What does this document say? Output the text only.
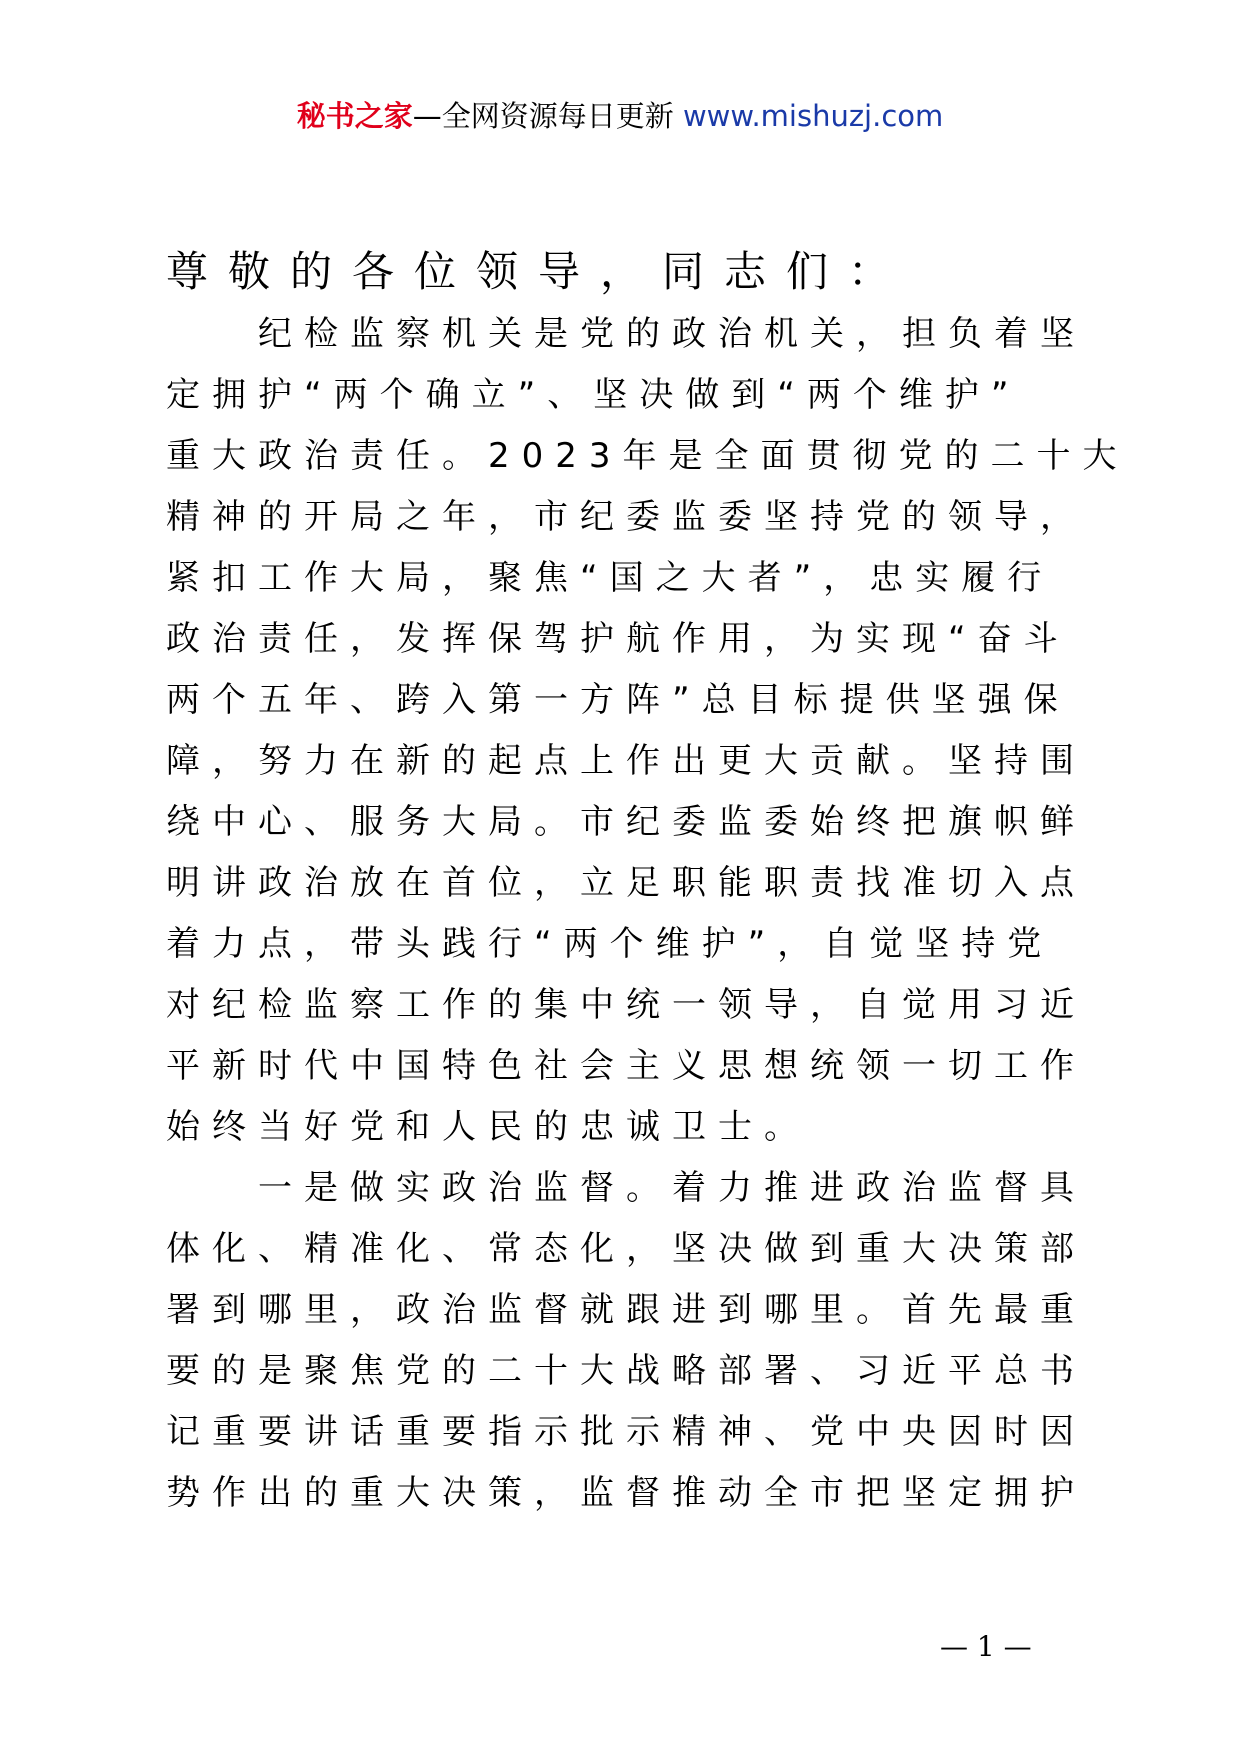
秘书之家—全网资源每日更新 www.mishuzj.com
尊敬的各位领导，同志们：
　　纪检监察机关是党的政治机关，担负着坚
定拥护“两个确立”、坚决做到“两个维护”
重大政治责任。2023年是全面贯彻党的二十大
精神的开局之年，市纪委监委坚持党的领导，
紧扣工作大局，聚焦“国之大者”，忠实履行
政治责任，发挥保驾护航作用，为实现“奋斗
两个五年、跨入第一方阵”总目标提供坚强保
障，努力在新的起点上作出更大贡献。坚持围
绕中心、服务大局。市纪委监委始终把旗帜鲜
明讲政治放在首位，立足职能职责找准切入点
着力点，带头践行“两个维护”，自觉坚持党
对纪检监察工作的集中统一领导，自觉用习近
平新时代中国特色社会主义思想统领一切工作
始终当好党和人民的忠诚卫士。
　　一是做实政治监督。着力推进政治监督具
体化、精准化、常态化，坚决做到重大决策部
署到哪里，政治监督就跟进到哪里。首先最重
要的是聚焦党的二十大战略部署、习近平总书
记重要讲话重要指示批示精神、党中央因时因
势作出的重大决策，监督推动全市把坚定拥护
— 1 —
